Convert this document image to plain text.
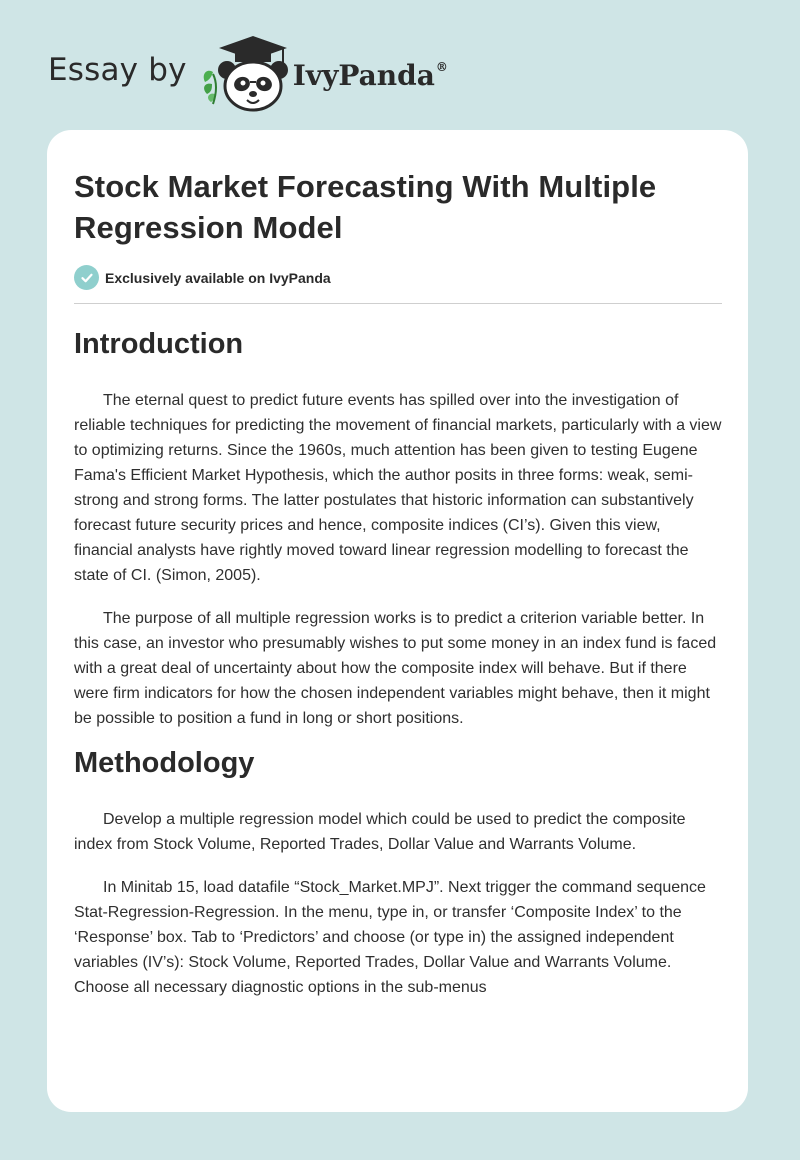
Essay by	IvyPanda®
Stock Market Forecasting With Multiple
Regression Model
Exclusively available on IvyPanda
Introduction

The eternal quest to predict future events has spilled over into the investigation of reliable techniques for predicting the movement of financial markets, particularly with a view to optimizing returns. Since the 1960s, much attention has been given to testing Eugene Fama's Efficient Market Hypothesis, which the author posits in three forms: weak, semi-strong and strong forms. The latter postulates that historic information can substantively forecast future security prices and hence, composite indices (CI’s). Given this view, financial analysts have rightly moved toward linear regression modelling to forecast the state of CI. (Simon, 2005).

The purpose of all multiple regression works is to predict a criterion variable better. In this case, an investor who presumably wishes to put some money in an index fund is faced with a great deal of uncertainty about how the composite index will behave. But if there were firm indicators for how the chosen independent variables might behave, then it might be possible to position a fund in long or short positions.

Methodology

Develop a multiple regression model which could be used to predict the composite index from Stock Volume, Reported Trades, Dollar Value and Warrants Volume.

In Minitab 15, load datafile “Stock_Market.MPJ”. Next trigger the command sequence Stat-Regression-Regression. In the menu, type in, or transfer ‘Composite Index’ to the ‘Response’ box. Tab to ‘Predictors’ and choose (or type in) the assigned independent variables (IV’s): Stock Volume, Reported Trades, Dollar Value and Warrants Volume. Choose all necessary diagnostic options in the sub-menus
